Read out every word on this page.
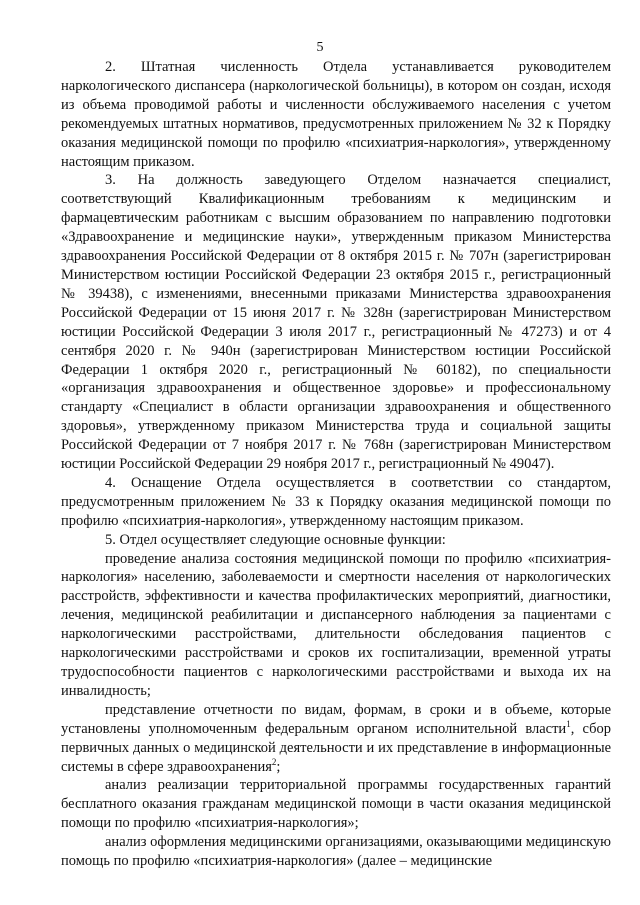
5

2. Штатная численность Отдела устанавливается руководителем наркологического диспансера (наркологической больницы), в котором он создан, исходя из объема проводимой работы и численности обслуживаемого населения с учетом рекомендуемых штатных нормативов, предусмотренных приложением № 32 к Порядку оказания медицинской помощи по профилю «психиатрия-наркология», утвержденному настоящим приказом.

3. На должность заведующего Отделом назначается специалист, соответствующий Квалификационным требованиям к медицинским и фармацевтическим работникам с высшим образованием по направлению подготовки «Здравоохранение и медицинские науки», утвержденным приказом Министерства здравоохранения Российской Федерации от 8 октября 2015 г. № 707н (зарегистрирован Министерством юстиции Российской Федерации 23 октября 2015 г., регистрационный № 39438), с изменениями, внесенными приказами Министерства здравоохранения Российской Федерации от 15 июня 2017 г. № 328н (зарегистрирован Министерством юстиции Российской Федерации 3 июля 2017 г., регистрационный № 47273) и от 4 сентября 2020 г. № 940н (зарегистрирован Министерством юстиции Российской Федерации 1 октября 2020 г., регистрационный № 60182), по специальности «организация здравоохранения и общественное здоровье» и профессиональному стандарту «Специалист в области организации здравоохранения и общественного здоровья», утвержденному приказом Министерства труда и социальной защиты Российской Федерации от 7 ноября 2017 г. № 768н (зарегистрирован Министерством юстиции Российской Федерации 29 ноября 2017 г., регистрационный № 49047).

4. Оснащение Отдела осуществляется в соответствии со стандартом, предусмотренным приложением № 33 к Порядку оказания медицинской помощи по профилю «психиатрия-наркология», утвержденному настоящим приказом.

5. Отдел осуществляет следующие основные функции:

проведение анализа состояния медицинской помощи по профилю «психиатрия-наркология» населению, заболеваемости и смертности населения от наркологических расстройств, эффективности и качества профилактических мероприятий, диагностики, лечения, медицинской реабилитации и диспансерного наблюдения за пациентами с наркологическими расстройствами, длительности обследования пациентов с наркологическими расстройствами и сроков их госпитализации, временной утраты трудоспособности пациентов с наркологическими расстройствами и выхода их на инвалидность;

представление отчетности по видам, формам, в сроки и в объеме, которые установлены уполномоченным федеральным органом исполнительной власти$^1$, сбор первичных данных о медицинской деятельности и их представление в информационные системы в сфере здравоохранения$^2$;

анализ реализации территориальной программы государственных гарантий бесплатного оказания гражданам медицинской помощи в части оказания медицинской помощи по профилю «психиатрия-наркология»;

анализ оформления медицинскими организациями, оказывающими медицинскую помощь по профилю «психиатрия-наркология» (далее – медицинские
